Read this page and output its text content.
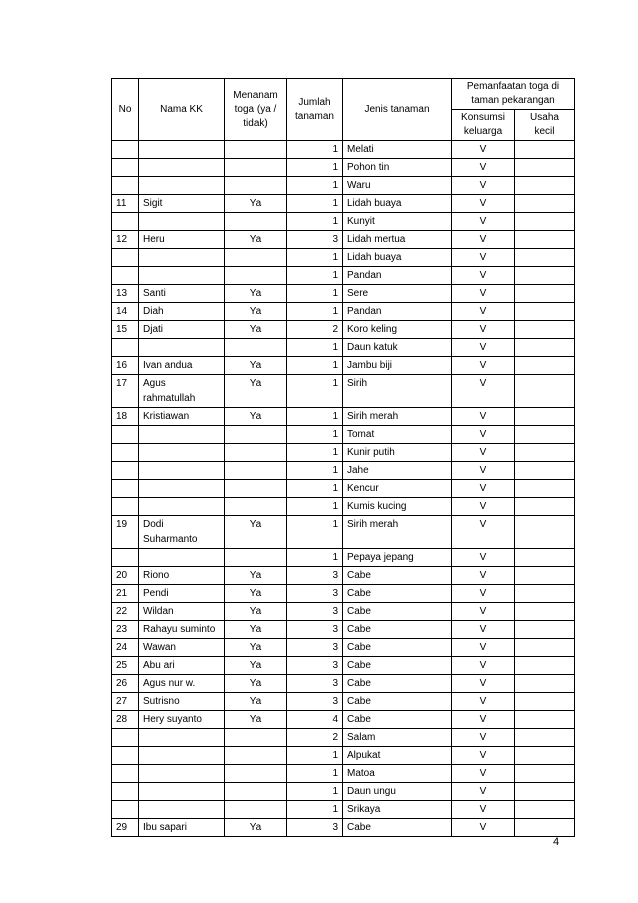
No	Nama KK	Menanam toga (ya / tidak)	Jumlah tanaman	Jenis tanaman	Pemanfaatan toga di taman pekarangan	
					Konsumsi keluarga	Usaha kecil
			1	Melati	V	
			1	Pohon tin	V	
			1	Waru	V	
11	Sigit	Ya	1	Lidah buaya	V	
			1	Kunyit	V	
12	Heru	Ya	3	Lidah mertua	V	
			1	Lidah buaya	V	
			1	Pandan	V	
13	Santi	Ya	1	Sere	V	
14	Diah	Ya	1	Pandan	V	
15	Djati	Ya	2	Koro keling	V	
			1	Daun katuk	V	
16	Ivan andua	Ya	1	Jambu biji	V	
17	Agus rahmatullah	Ya	1	Sirih	V	
18	Kristiawan	Ya	1	Sirih merah	V	
			1	Tomat	V	
			1	Kunir putih	V	
			1	Jahe	V	
			1	Kencur	V	
			1	Kumis kucing	V	
19	Dodi Suharmanto	Ya	1	Sirih merah	V	
			1	Pepaya jepang	V	
20	Riono	Ya	3	Cabe	V	
21	Pendi	Ya	3	Cabe	V	
22	Wildan	Ya	3	Cabe	V	
23	Rahayu suminto	Ya	3	Cabe	V	
24	Wawan	Ya	3	Cabe	V	
25	Abu ari	Ya	3	Cabe	V	
26	Agus nur w.	Ya	3	Cabe	V	
27	Sutrisno	Ya	3	Cabe	V	
28	Hery suyanto	Ya	4	Cabe	V	
			2	Salam	V	
			1	Alpukat	V	
			1	Matoa	V	
			1	Daun ungu	V	
			1	Srikaya	V	
29	Ibu sapari	Ya	3	Cabe	V	
4
